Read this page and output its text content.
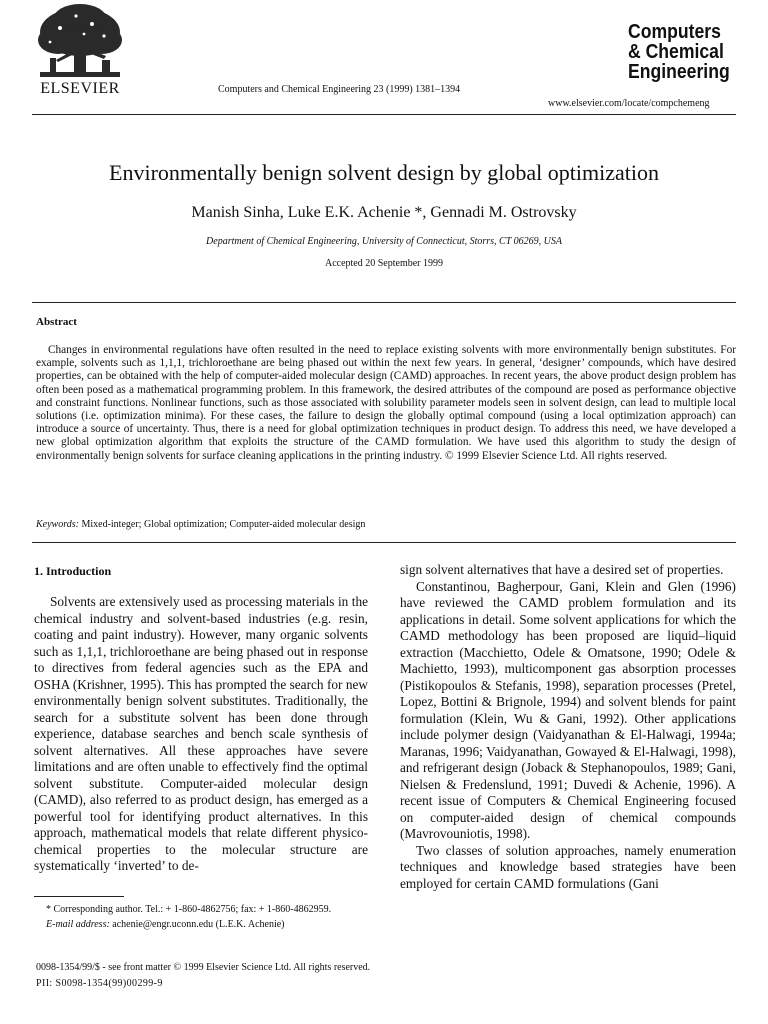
ELSEVIER	Computers and Chemical Engineering 23 (1999) 1381–1394
Computers
& Chemical
Engineering
www.elsevier.com/locate/compchemeng
Environmentally benign solvent design by global optimization
Manish Sinha, Luke E.K. Achenie *, Gennadi M. Ostrovsky
Department of Chemical Engineering, University of Connecticut, Storrs, CT 06269, USA
Accepted 20 September 1999
Abstract
Changes in environmental regulations have often resulted in the need to replace existing solvents with more environmentally benign substitutes. For example, solvents such as 1,1,1, trichloroethane are being phased out within the next few years. In general, ‘designer’ compounds, which have desired properties, can be obtained with the help of computer-aided molecular design (CAMD) approaches. In recent years, the above product design problem has often been posed as a mathematical programming problem. In this framework, the desired attributes of the compound are posed as performance objective and constraint functions. Nonlinear functions, such as those associated with solubility parameter models seen in solvent design, can lead to multiple local solutions (i.e. optimization minima). For these cases, the failure to design the globally optimal compound (using a local optimization approach) can introduce a source of uncertainty. Thus, there is a need for global optimization techniques in product design. To address this need, we have developed a new global optimization algorithm that exploits the structure of the CAMD formulation. We have used this algorithm to study the design of environmentally benign solvents for surface cleaning applications in the printing industry. © 1999 Elsevier Science Ltd. All rights reserved.
Keywords: Mixed-integer; Global optimization; Computer-aided molecular design
1. Introduction

Solvents are extensively used as processing materials in the chemical industry and solvent-based industries (e.g. resin, coating and paint industry). However, many organic solvents such as 1,1,1, trichloroethane are being phased out in response to directives from federal agencies such as the EPA and OSHA (Krishner, 1995). This has prompted the search for new environmentally benign solvent substitutes. Traditionally, the search for a substitute solvent has been done through experience, database searches and bench scale synthesis of solvent alternatives. All these approaches have severe limitations and are often unable to effectively find the optimal solvent substitute. Computer-aided molecular design (CAMD), also referred to as product design, has emerged as a powerful tool for identifying product alternatives. In this approach, mathematical models that relate different physico-chemical properties to the molecular structure are systematically ‘inverted’ to de-

sign solvent alternatives that have a desired set of properties.

Constantinou, Bagherpour, Gani, Klein and Glen (1996) have reviewed the CAMD problem formulation and its applications in detail. Some solvent applications for which the CAMD methodology has been proposed are liquid–liquid extraction (Macchietto, Odele & Omatsone, 1990; Odele & Machietto, 1993), multicomponent gas absorption processes (Pistikopoulos & Stefanis, 1998), separation processes (Pretel, Lopez, Bottini & Brignole, 1994) and solvent blends for paint formulation (Klein, Wu & Gani, 1992). Other applications include polymer design (Vaidyanathan & El-Halwagi, 1994a; Maranas, 1996; Vaidyanathan, Gowayed & El-Halwagi, 1998), and refrigerant design (Joback & Stephanopoulos, 1989; Gani, Nielsen & Fredenslund, 1991; Duvedi & Achenie, 1996). A recent issue of Computers & Chemical Engineering focused on computer-aided design of chemical compounds (Mavrovouniotis, 1998).

Two classes of solution approaches, namely enumeration techniques and knowledge based strategies have been employed for certain CAMD formulations (Gani

* Corresponding author. Tel.: + 1-860-4862756; fax: + 1-860-4862959.
E-mail address: achenie@engr.uconn.edu (L.E.K. Achenie)
0098-1354/99/$ - see front matter © 1999 Elsevier Science Ltd. All rights reserved.
PII: S0098-1354(99)00299-9
